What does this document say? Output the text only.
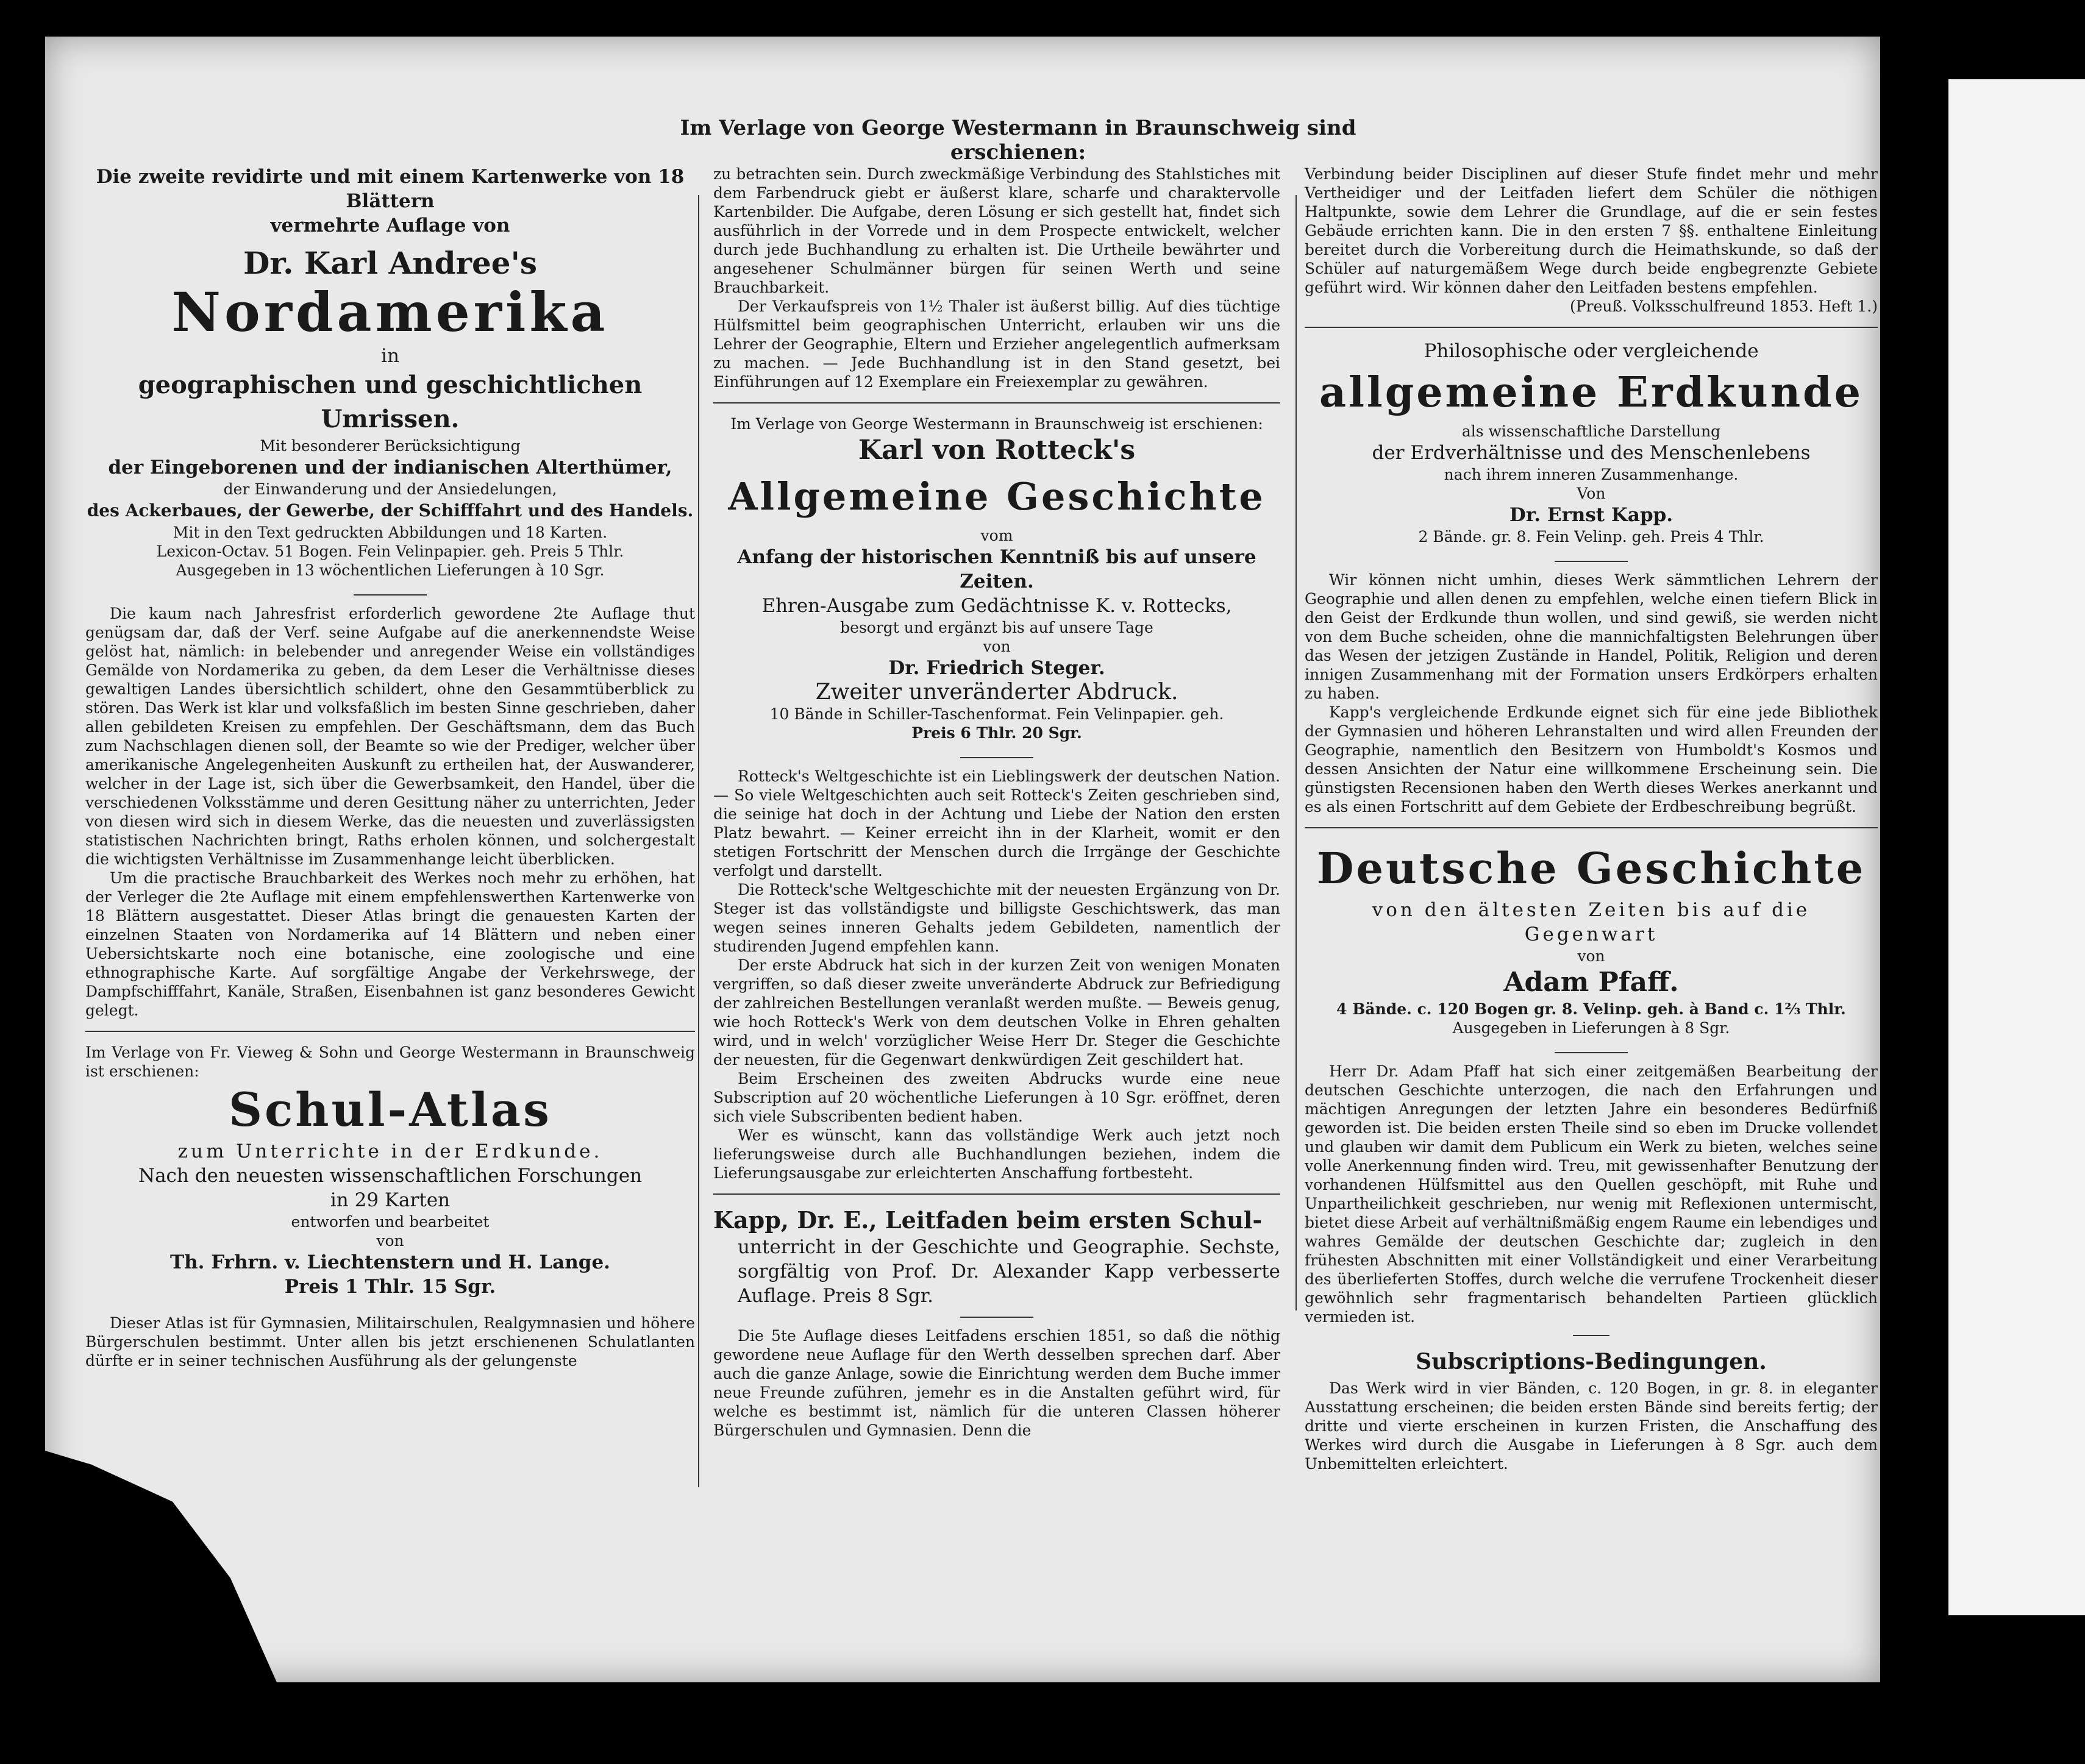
Im Verlage von George Westermann in Braunschweig sind erschienen:
Die zweite revidirte und mit einem Kartenwerke von 18 Blättern
vermehrte Auflage von
Dr. Karl Andree's
Nordamerika
in
geographischen und geschichtlichen Umrissen.
Mit besonderer Berücksichtigung
der Eingeborenen und der indianischen Alterthümer,
der Einwanderung und der Ansiedelungen,
des Ackerbaues, der Gewerbe, der Schifffahrt und des Handels.
Mit in den Text gedruckten Abbildungen und 18 Karten.
Lexicon-Octav. 51 Bogen. Fein Velinpapier. geh. Preis 5 Thlr.
Ausgegeben in 13 wöchentlichen Lieferungen à 10 Sgr.

Die kaum nach Jahresfrist erforderlich gewordene 2te Auflage thut genügsam dar, daß der Verf. seine Aufgabe auf die anerkennendste Weise gelöst hat, nämlich: in belebender und anregender Weise ein vollständiges Gemälde von Nordamerika zu geben, da dem Leser die Verhältnisse dieses gewaltigen Landes übersichtlich schildert, ohne den Gesammtüberblick zu stören. Das Werk ist klar und volksfaßlich im besten Sinne geschrieben, daher allen gebildeten Kreisen zu empfehlen. Der Geschäftsmann, dem das Buch zum Nachschlagen dienen soll, der Beamte so wie der Prediger, welcher über amerikanische Angelegenheiten Auskunft zu ertheilen hat, der Auswanderer, welcher in der Lage ist, sich über die Gewerbsamkeit, den Handel, über die verschiedenen Volksstämme und deren Gesittung näher zu unterrichten, Jeder von diesen wird sich in diesem Werke, das die neuesten und zuverlässigsten statistischen Nachrichten bringt, Raths erholen können, und solchergestalt die wichtigsten Verhältnisse im Zusammenhange leicht überblicken.

Um die practische Brauchbarkeit des Werkes noch mehr zu erhöhen, hat der Verleger die 2te Auflage mit einem empfehlenswerthen Kartenwerke von 18 Blättern ausgestattet. Dieser Atlas bringt die genauesten Karten der einzelnen Staaten von Nordamerika auf 14 Blättern und neben einer Uebersichtskarte noch eine botanische, eine zoologische und eine ethnographische Karte. Auf sorgfältige Angabe der Verkehrswege, der Dampfschifffahrt, Kanäle, Straßen, Eisenbahnen ist ganz besonderes Gewicht gelegt.

Im Verlage von Fr. Vieweg & Sohn und George Westermann in Braunschweig ist erschienen:
Schul-Atlas
zum Unterrichte in der Erdkunde.
Nach den neuesten wissenschaftlichen Forschungen
in 29 Karten
entworfen und bearbeitet
von
Th. Frhrn. v. Liechtenstern und H. Lange.
Preis 1 Thlr. 15 Sgr.

Dieser Atlas ist für Gymnasien, Militairschulen, Realgymnasien und höhere Bürgerschulen bestimmt. Unter allen bis jetzt erschienenen Schulatlanten dürfte er in seiner technischen Ausführung als der gelungenste

zu betrachten sein. Durch zweckmäßige Verbindung des Stahlstiches mit dem Farbendruck giebt er äußerst klare, scharfe und charaktervolle Kartenbilder. Die Aufgabe, deren Lösung er sich gestellt hat, findet sich ausführlich in der Vorrede und in dem Prospecte entwickelt, welcher durch jede Buchhandlung zu erhalten ist. Die Urtheile bewährter und angesehener Schulmänner bürgen für seinen Werth und seine Brauchbarkeit.

Der Verkaufspreis von 1½ Thaler ist äußerst billig. Auf dies tüchtige Hülfsmittel beim geographischen Unterricht, erlauben wir uns die Lehrer der Geographie, Eltern und Erzieher angelegentlich aufmerksam zu machen. — Jede Buchhandlung ist in den Stand gesetzt, bei Einführungen auf 12 Exemplare ein Freiexemplar zu gewähren.

Im Verlage von George Westermann in Braunschweig ist erschienen:
Karl von Rotteck's
Allgemeine Geschichte
vom
Anfang der historischen Kenntniß bis auf unsere Zeiten.
Ehren-Ausgabe zum Gedächtnisse K. v. Rottecks,
besorgt und ergänzt bis auf unsere Tage
von
Dr. Friedrich Steger.
Zweiter unveränderter Abdruck.
10 Bände in Schiller-Taschenformat. Fein Velinpapier. geh.
Preis 6 Thlr. 20 Sgr.

Rotteck's Weltgeschichte ist ein Lieblingswerk der deutschen Nation. — So viele Weltgeschichten auch seit Rotteck's Zeiten geschrieben sind, die seinige hat doch in der Achtung und Liebe der Nation den ersten Platz bewahrt. — Keiner erreicht ihn in der Klarheit, womit er den stetigen Fortschritt der Menschen durch die Irrgänge der Geschichte verfolgt und darstellt.

Die Rotteck'sche Weltgeschichte mit der neuesten Ergänzung von Dr. Steger ist das vollständigste und billigste Geschichtswerk, das man wegen seines inneren Gehalts jedem Gebildeten, namentlich der studirenden Jugend empfehlen kann.

Der erste Abdruck hat sich in der kurzen Zeit von wenigen Monaten vergriffen, so daß dieser zweite unveränderte Abdruck zur Befriedigung der zahlreichen Bestellungen veranlaßt werden mußte. — Beweis genug, wie hoch Rotteck's Werk von dem deutschen Volke in Ehren gehalten wird, und in welch' vorzüglicher Weise Herr Dr. Steger die Geschichte der neuesten, für die Gegenwart denkwürdigen Zeit geschildert hat.

Beim Erscheinen des zweiten Abdrucks wurde eine neue Subscription auf 20 wöchentliche Lieferungen à 10 Sgr. eröffnet, deren sich viele Subscribenten bedient haben.

Wer es wünscht, kann das vollständige Werk auch jetzt noch lieferungsweise durch alle Buchhandlungen beziehen, indem die Lieferungsausgabe zur erleichterten Anschaffung fortbesteht.

Kapp, Dr. E., Leitfaden beim ersten Schul-
unterricht in der Geschichte und Geographie. Sechste, sorgfältig von Prof. Dr. Alexander Kapp verbesserte Auflage. Preis 8 Sgr.

Die 5te Auflage dieses Leitfadens erschien 1851, so daß die nöthig gewordene neue Auflage für den Werth desselben sprechen darf. Aber auch die ganze Anlage, sowie die Einrichtung werden dem Buche immer neue Freunde zuführen, jemehr es in die Anstalten geführt wird, für welche es bestimmt ist, nämlich für die unteren Classen höherer Bürgerschulen und Gymnasien. Denn die

Verbindung beider Disciplinen auf dieser Stufe findet mehr und mehr Vertheidiger und der Leitfaden liefert dem Schüler die nöthigen Haltpunkte, sowie dem Lehrer die Grundlage, auf die er sein festes Gebäude errichten kann. Die in den ersten 7 §§. enthaltene Einleitung bereitet durch die Vorbereitung durch die Heimathskunde, so daß der Schüler auf naturgemäßem Wege durch beide engbegrenzte Gebiete geführt wird. Wir können daher den Leitfaden bestens empfehlen.

(Preuß. Volksschulfreund 1853. Heft 1.)
Philosophische oder vergleichende
allgemeine Erdkunde
als wissenschaftliche Darstellung
der Erdverhältnisse und des Menschenlebens
nach ihrem inneren Zusammenhange.
Von
Dr. Ernst Kapp.
2 Bände. gr. 8. Fein Velinp. geh. Preis 4 Thlr.

Wir können nicht umhin, dieses Werk sämmtlichen Lehrern der Geographie und allen denen zu empfehlen, welche einen tiefern Blick in den Geist der Erdkunde thun wollen, und sind gewiß, sie werden nicht von dem Buche scheiden, ohne die mannichfaltigsten Belehrungen über das Wesen der jetzigen Zustände in Handel, Politik, Religion und deren innigen Zusammenhang mit der Formation unsers Erdkörpers erhalten zu haben.

Kapp's vergleichende Erdkunde eignet sich für eine jede Bibliothek der Gymnasien und höheren Lehranstalten und wird allen Freunden der Geographie, namentlich den Besitzern von Humboldt's Kosmos und dessen Ansichten der Natur eine willkommene Erscheinung sein. Die günstigsten Recensionen haben den Werth dieses Werkes anerkannt und es als einen Fortschritt auf dem Gebiete der Erdbeschreibung begrüßt.

Deutsche Geschichte
von den ältesten Zeiten bis auf die Gegenwart
von
Adam Pfaff.
4 Bände. c. 120 Bogen gr. 8. Velinp. geh. à Band c. 1⅔ Thlr.
Ausgegeben in Lieferungen à 8 Sgr.

Herr Dr. Adam Pfaff hat sich einer zeitgemäßen Bearbeitung der deutschen Geschichte unterzogen, die nach den Erfahrungen und mächtigen Anregungen der letzten Jahre ein besonderes Bedürfniß geworden ist. Die beiden ersten Theile sind so eben im Drucke vollendet und glauben wir damit dem Publicum ein Werk zu bieten, welches seine volle Anerkennung finden wird. Treu, mit gewissenhafter Benutzung der vorhandenen Hülfsmittel aus den Quellen geschöpft, mit Ruhe und Unpartheilichkeit geschrieben, nur wenig mit Reflexionen untermischt, bietet diese Arbeit auf verhältnißmäßig engem Raume ein lebendiges und wahres Gemälde der deutschen Geschichte dar; zugleich in den frühesten Abschnitten mit einer Vollständigkeit und einer Verarbeitung des überlieferten Stoffes, durch welche die verrufene Trockenheit dieser gewöhnlich sehr fragmentarisch behandelten Partieen glücklich vermieden ist.

Subscriptions-Bedingungen.

Das Werk wird in vier Bänden, c. 120 Bogen, in gr. 8. in eleganter Ausstattung erscheinen; die beiden ersten Bände sind bereits fertig; der dritte und vierte erscheinen in kurzen Fristen, die Anschaffung des Werkes wird durch die Ausgabe in Lieferungen à 8 Sgr. auch dem Unbemittelten erleichtert.
